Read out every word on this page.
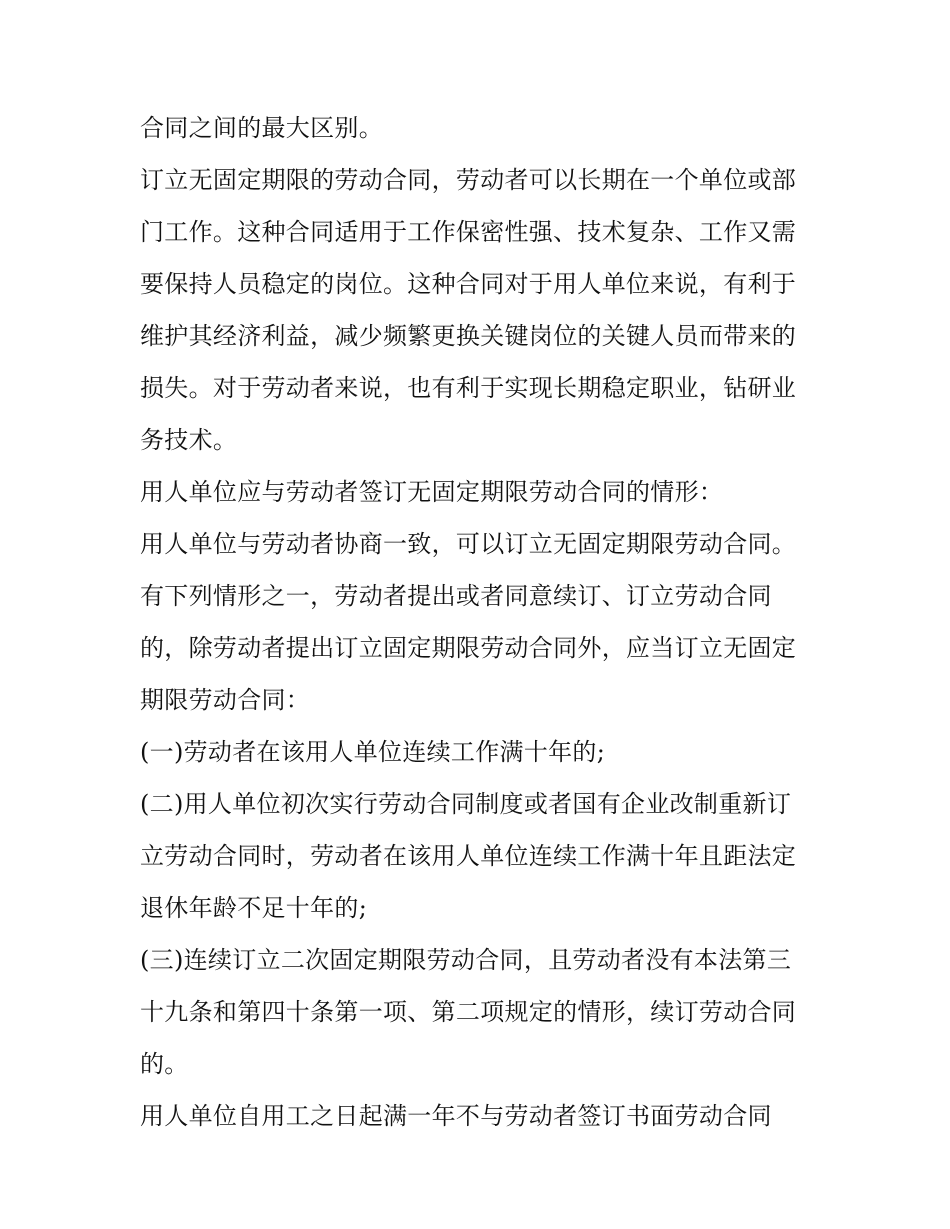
合同之间的最大区别。
订立无固定期限的劳动合同，劳动者可以长期在一个单位或部
门工作。这种合同适用于工作保密性强、技术复杂、工作又需
要保持人员稳定的岗位。这种合同对于用人单位来说，有利于
维护其经济利益，减少频繁更换关键岗位的关键人员而带来的
损失。对于劳动者来说，也有利于实现长期稳定职业，钻研业
务技术。
用人单位应与劳动者签订无固定期限劳动合同的情形：
用人单位与劳动者协商一致，可以订立无固定期限劳动合同。
有下列情形之一，劳动者提出或者同意续订、订立劳动合同
的，除劳动者提出订立固定期限劳动合同外，应当订立无固定
期限劳动合同：
(一)劳动者在该用人单位连续工作满十年的;
(二)用人单位初次实行劳动合同制度或者国有企业改制重新订
立劳动合同时，劳动者在该用人单位连续工作满十年且距法定
退休年龄不足十年的;
(三)连续订立二次固定期限劳动合同，且劳动者没有本法第三
十九条和第四十条第一项、第二项规定的情形，续订劳动合同
的。
用人单位自用工之日起满一年不与劳动者签订书面劳动合同
